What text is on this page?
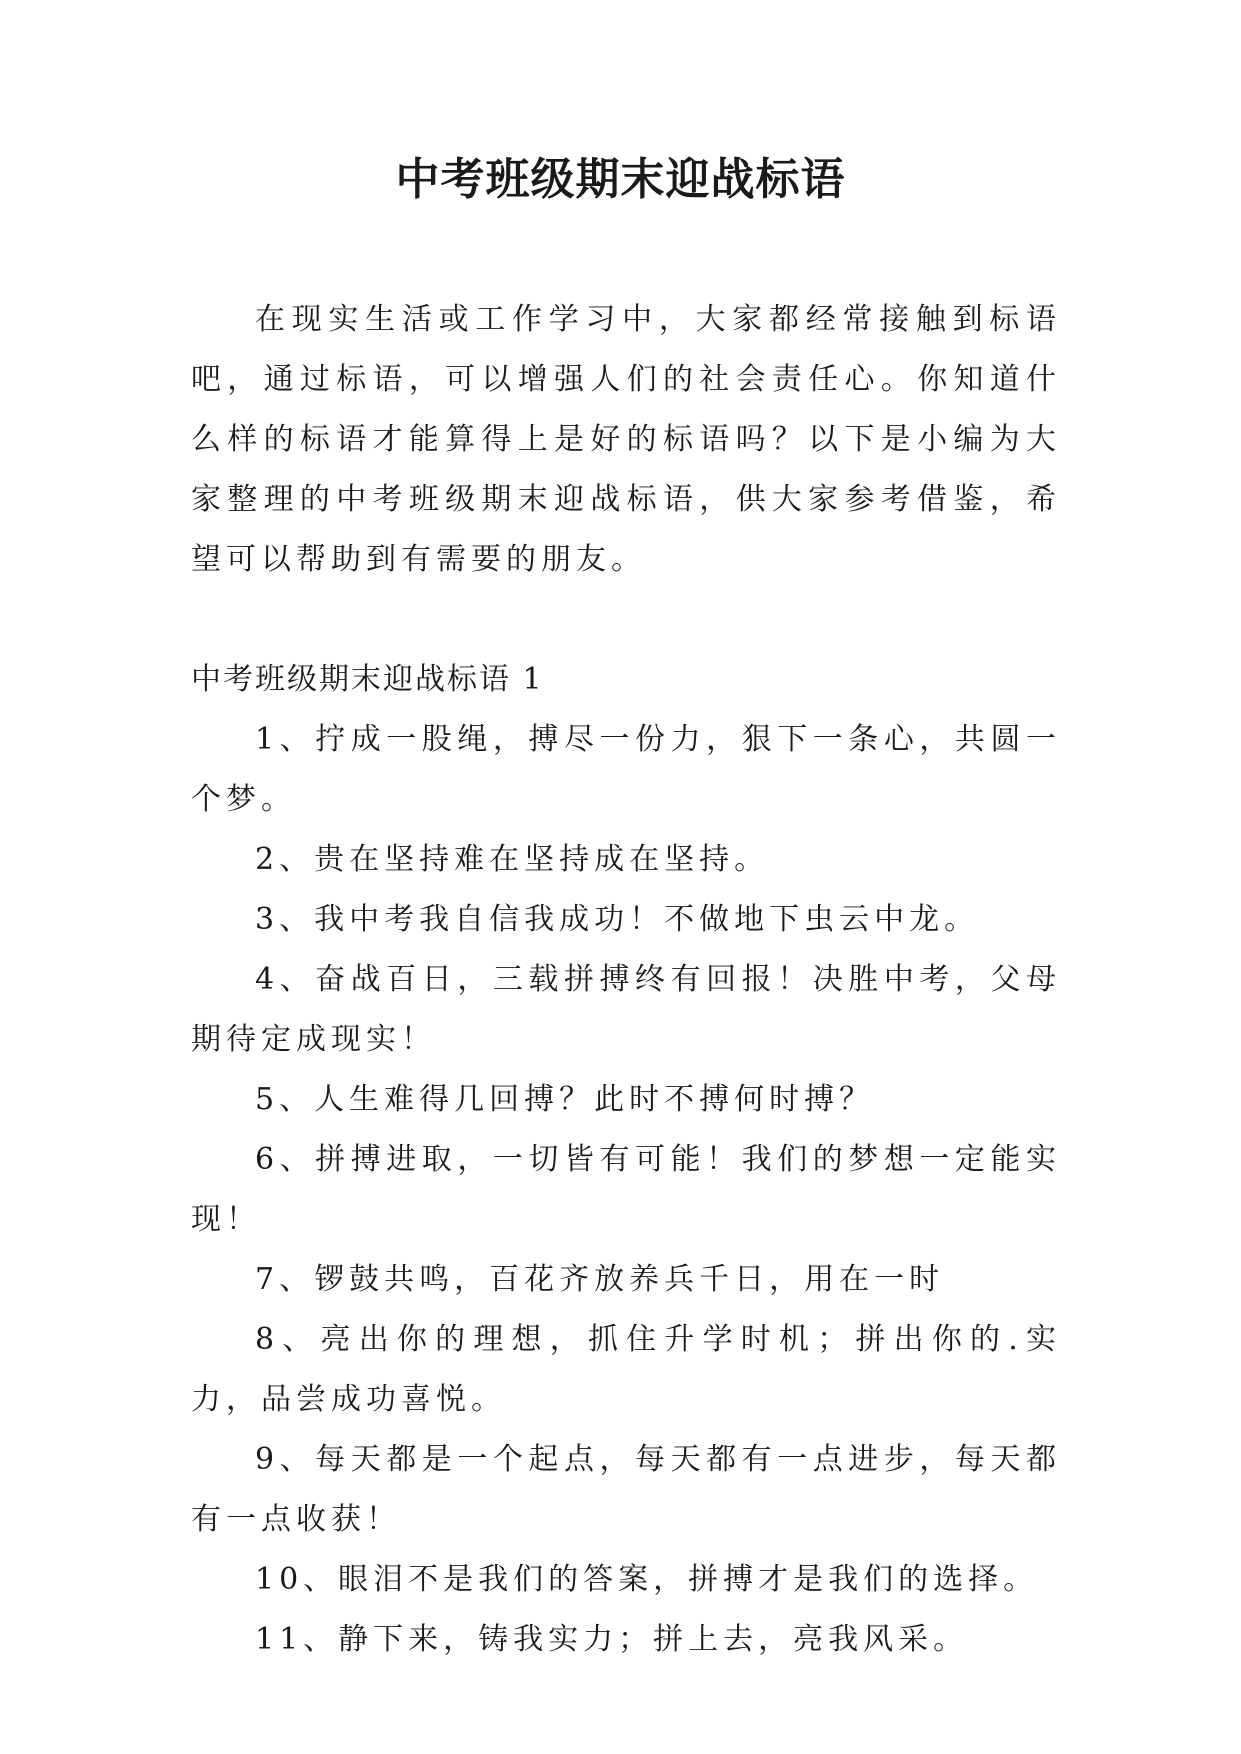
中考班级期末迎战标语

在现实生活或工作学习中，大家都经常接触到标语吧，通过标语，可以增强人们的社会责任心。你知道什么样的标语才能算得上是好的标语吗？以下是小编为大家整理的中考班级期末迎战标语，供大家参考借鉴，希望可以帮助到有需要的朋友。

中考班级期末迎战标语 1

1、拧成一股绳，搏尽一份力，狠下一条心，共圆一个梦。

2、贵在坚持难在坚持成在坚持。

3、我中考我自信我成功！不做地下虫云中龙。

4、奋战百日，三载拼搏终有回报！决胜中考，父母期待定成现实！

5、人生难得几回搏？此时不搏何时搏？

6、拼搏进取，一切皆有可能！我们的梦想一定能实现！

7、锣鼓共鸣，百花齐放养兵千日，用在一时

8、亮出你的理想，抓住升学时机；拼出你的.实力，品尝成功喜悦。

9、每天都是一个起点，每天都有一点进步，每天都有一点收获！

10、眼泪不是我们的答案，拼搏才是我们的选择。

11、静下来，铸我实力；拼上去，亮我风采。
